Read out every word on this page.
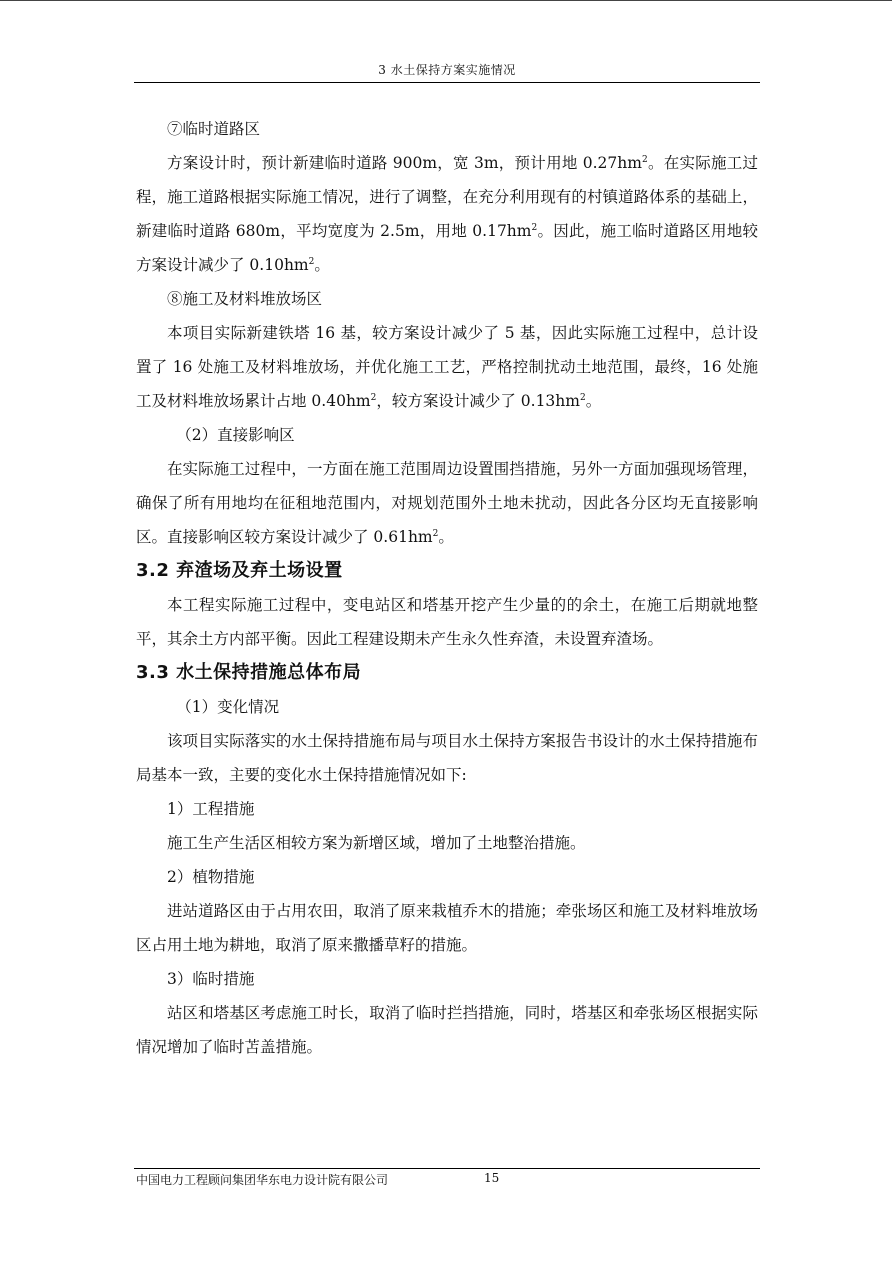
3 水土保持方案实施情况
⑦临时道路区

方案设计时，预计新建临时道路 900m，宽 3m，预计用地 $0.27hm^2$。在实际施工过程，施工道路根据实际施工情况，进行了调整，在充分利用现有的村镇道路体系的基础上，新建临时道路 680m，平均宽度为 2.5m，用地 $0.17hm^2$。因此，施工临时道路区用地较方案设计减少了 $0.10hm^2$。

⑧施工及材料堆放场区

本项目实际新建铁塔 16 基，较方案设计减少了 5 基，因此实际施工过程中，总计设置了 16 处施工及材料堆放场，并优化施工工艺，严格控制扰动土地范围，最终，16 处施工及材料堆放场累计占地 $0.40hm^2$，较方案设计减少了 $0.13hm^2$。

（2）直接影响区

在实际施工过程中，一方面在施工范围周边设置围挡措施，另外一方面加强现场管理，确保了所有用地均在征租地范围内，对规划范围外土地未扰动，因此各分区均无直接影响区。直接影响区较方案设计减少了 $0.61hm^2$。

3.2 弃渣场及弃土场设置

本工程实际施工过程中，变电站区和塔基开挖产生少量的的余土，在施工后期就地整平，其余土方内部平衡。因此工程建设期未产生永久性弃渣，未设置弃渣场。

3.3 水土保持措施总体布局
（1）变化情况

该项目实际落实的水土保持措施布局与项目水土保持方案报告书设计的水土保持措施布局基本一致，主要的变化水土保持措施情况如下:

1）工程措施

施工生产生活区相较方案为新增区域，增加了土地整治措施。

2）植物措施

进站道路区由于占用农田，取消了原来栽植乔木的措施；牵张场区和施工及材料堆放场区占用土地为耕地，取消了原来撒播草籽的措施。

3）临时措施

站区和塔基区考虑施工时长，取消了临时拦挡措施，同时，塔基区和牵张场区根据实际情况增加了临时苫盖措施。

中国电力工程顾问集团华东电力设计院有限公司	15
